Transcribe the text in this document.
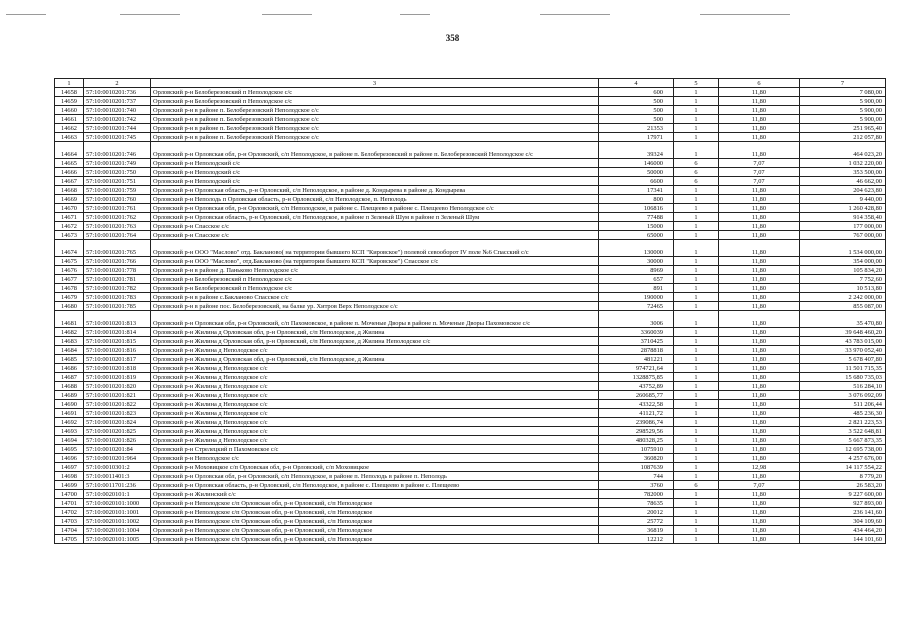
358
1	2	3	4	5	6	7
14658	57:10:0010201:736	Орловский р-н Белоберезовский п Неполодское с/с	600	1	11,80	7 080,00
14659	57:10:0010201:737	Орловский р-н Белоберезовский п Неполодское с/с	500	1	11,80	5 900,00
14660	57:10:0010201:740	Орловский р-н в районе п. Белоберезовский Неполодское с/с	500	1	11,80	5 900,00
14661	57:10:0010201:742	Орловский р-н в районе п. Белоберезовский Неполодское с/с	500	1	11,80	5 900,00
14662	57:10:0010201:744	Орловский р-н в районе п. Белоберезовский Неполодское с/с	21353	1	11,80	251 965,40
14663	57:10:0010201:745	Орловский р-н в районе п. Белоберезовский Неполодское с/с	17971	1	11,80	212 057,80
14664	57:10:0010201:746	Орловский р-н Орловская обл, р-н Орловский, с/п Неполодское, в районе п. Белоберезовский в районе п. Белоберезовский Неполодское с/с	39324	1	11,80	464 023,20
14665	57:10:0010201:749	Орловский р-н Неполодский с/с	146000	6	7,07	1 032 220,00
14666	57:10:0010201:750	Орловский р-н Неполодский с/с	50000	6	7,07	353 500,00
14667	57:10:0010201:751	Орловский р-н Неполодский с/с	6600	6	7,07	46 662,00
14668	57:10:0010201:759	Орловский р-н Орловская область, р-н Орловский, с/п Неполодское, в районе д. Кондырева в районе д. Кондырева	17341	1	11,80	204 623,80
14669	57:10:0010201:760	Орловский р-н Неполодь п Орловская область, р-н Орловский, с/п Неполодское, п. Неполодь	800	1	11,80	9 440,00
14670	57:10:0010201:761	Орловский р-н Орловская обл, р-н Орловский, с/п Неполодское, в районе с. Плещеево в районе с. Плещеево Неполодское с/с	106816	1	11,80	1 260 428,80
14671	57:10:0010201:762	Орловский р-н Орловская область, р-н Орловский, с/п Неполодское, в районе п Зеленый Шум в районе п Зеленый Шум	77488	1	11,80	914 358,40
14672	57:10:0010201:763	Орловский р-н Спасское с/с	15000	1	11,80	177 000,00
14673	57:10:0010201:764	Орловский р-н Спасское с/с	65000	1	11,80	767 000,00
14674	57:10:0010201:765	Орловский р-н ООО "Маслово" отд. Бакланово( на территории бывшего КСП "Кировское") полевой севооборот IV поле №6 Спасский с/с	130000	1	11,80	1 534 000,00
14675	57:10:0010201:766	Орловский р-н ООО "Маслово", отд.Бакланово (на территории бывшего КСП "Кировское") Спасское с/с	30000	1	11,80	354 000,00
14676	57:10:0010201:778	Орловский р-н в районе д. Паньково Неполодское с/с	8969	1	11,80	105 834,20
14677	57:10:0010201:781	Орловский р-н Белоберезовский п Неполодское с/с	657	1	11,80	7 752,60
14678	57:10:0010201:782	Орловский р-н Белоберезовский п Неполодское с/с	891	1	11,80	10 513,80
14679	57:10:0010201:783	Орловский р-н в районе с.Бакланово Спасское с/с	190000	1	11,80	2 242 000,00
14680	57:10:0010201:785	Орловский р-н в районе пос. Белоберезовский, на балке ур. Хитров Верх Неполодское с/с	72465	1	11,80	855 087,00
14681	57:10:0010201:813	Орловский р-н Орловская обл, р-н Орловский, с/п Пахомовское, в районе п. Моченые Дворы в районе п. Моченые Дворы Пахомовское с/с	3006	1	11,80	35 470,80
14682	57:10:0010201:814	Орловский р-н Жилина д Орловская обл, р-н Орловский, с/п Неполодское, д Жилина	3360039	1	11,80	39 648 460,20
14683	57:10:0010201:815	Орловский р-н Жилина д Орловская обл, р-н Орловский, с/п Неполодское, д Жилина Неполодское с/с	3710425	1	11,80	43 783 015,00
14684	57:10:0010201:816	Орловский р-н Жилина д Неполодское с/с	2878818	1	11,80	33 970 052,40
14685	57:10:0010201:817	Орловский р-н Жилина д Орловская обл, р-н Орловский, с/п Неполодское, д Жилина	481221	1	11,80	5 678 407,80
14686	57:10:0010201:818	Орловский р-н Жилина д Неполодское с/с	974721,64	1	11,80	11 501 715,35
14687	57:10:0010201:819	Орловский р-н Жилина д Неполодское с/с	1328875,85	1	11,80	15 680 735,03
14688	57:10:0010201:820	Орловский р-н Жилина д Неполодское с/с	43752,89	1	11,80	516 284,10
14689	57:10:0010201:821	Орловский р-н Жилина д Неполодское с/с	260685,77	1	11,80	3 076 092,09
14690	57:10:0010201:822	Орловский р-н Жилина д Неполодское с/с	43322,58	1	11,80	511 206,44
14691	57:10:0010201:823	Орловский р-н Жилина д Неполодское с/с	41121,72	1	11,80	485 236,30
14692	57:10:0010201:824	Орловский р-н Жилина д Неполодское с/с	239086,74	1	11,80	2 821 223,53
14693	57:10:0010201:825	Орловский р-н Жилина д Неполодское с/с	298529,56	1	11,80	3 522 648,81
14694	57:10:0010201:826	Орловский р-н Жилина д Неполодское с/с	480328,25	1	11,80	5 667 873,35
14695	57:10:0010201:84	Орловский р-н Стрелецкий п Пахомовское с/с	1075910	1	11,80	12 695 738,00
14696	57:10:0010201:964	Орловский р-н Неполодское с/с	360820	1	11,80	4 257 676,00
14697	57:10:0010301:2	Орловский р-н Моховицкое с/п Орловская обл, р-н Орловский, с/п Моховицкое	1087639	1	12,98	14 117 554,22
14698	57:10:0011401:3	Орловский р-н Орловская обл, р-н Орловский, с/п Неполодское, в районе п. Неполодь в районе п. Неполодь	744	1	11,80	8 779,20
14699	57:10:0011701:236	Орловский р-н Орловская область, р-н Орловский, с/п Неполодское, в районе с. Плещеево в районе с. Плещеево	3760	6	7,07	26 583,20
14700	57:10:0020101:1	Орловский р-н Жилинский с/с	782000	1	11,80	9 227 600,00
14701	57:10:0020101:1000	Орловский р-н Неполодское с/п Орловская обл, р-н Орловский, с/п Неполодское	78635	1	11,80	927 893,00
14702	57:10:0020101:1001	Орловский р-н Неполодское с/п Орловская обл, р-н Орловский, с/п Неполодское	20012	1	11,80	236 141,60
14703	57:10:0020101:1002	Орловский р-н Неполодское с/п Орловская обл, р-н Орловский, с/п Неполодское	25772	1	11,80	304 109,60
14704	57:10:0020101:1004	Орловский р-н Неполодское с/п Орловская обл, р-н Орловский, с/п Неполодское	36819	1	11,80	434 464,20
14705	57:10:0020101:1005	Орловский р-н Неполодское с/п Орловская обл, р-н Орловский, с/п Неполодское	12212	1	11,80	144 101,60
